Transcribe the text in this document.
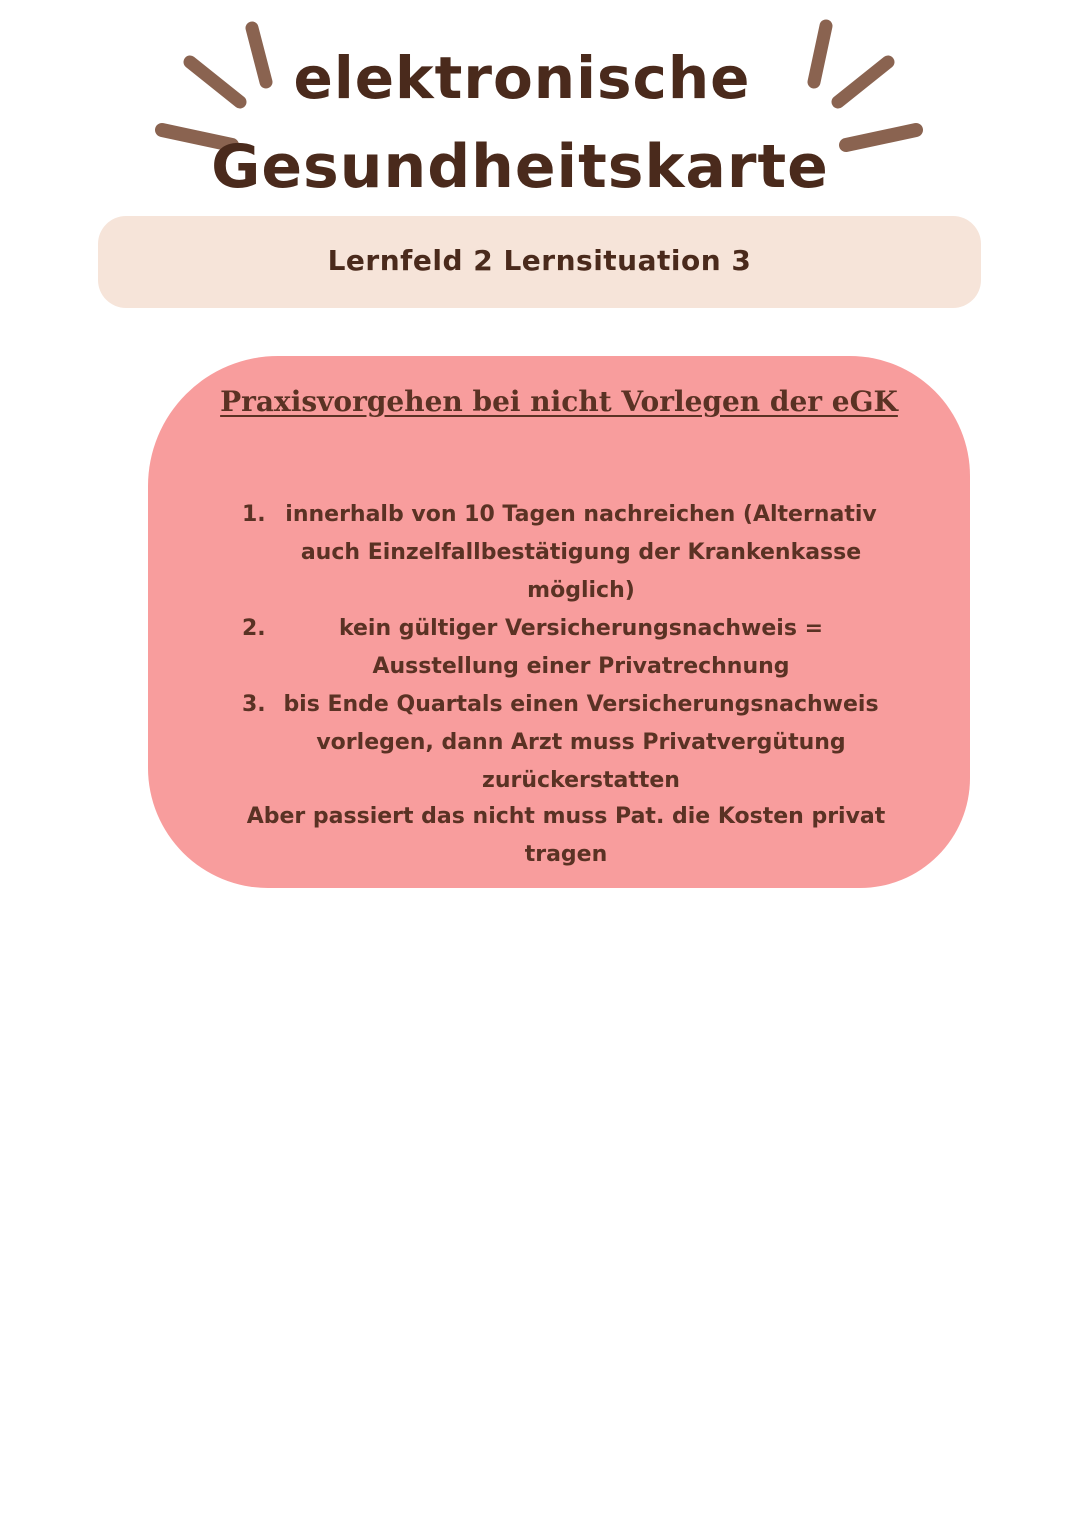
elektronische
Gesundheitskarte
Lernfeld 2 Lernsituation 3
Praxisvorgehen bei nicht Vorlegen der eGK
1. innerhalb von 10 Tagen nachreichen (Alternativ auch Einzelfallbestätigung der Krankenkasse möglich)
2.	kein gültiger Versicherungsnachweis = Ausstellung einer Privatrechnung
3. bis Ende Quartals einen Versicherungsnachweis vorlegen, dann Arzt muss Privatvergütung zurückerstatten
Aber passiert das nicht muss Pat. die Kosten privat tragen
